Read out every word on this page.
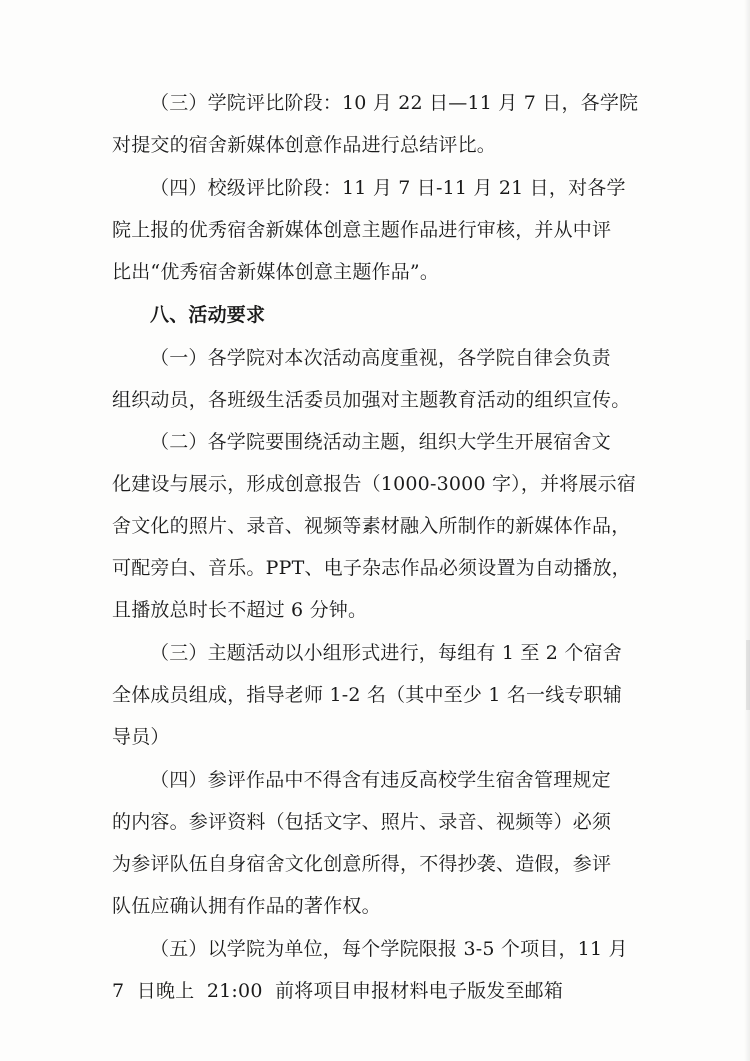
（三）学院评比阶段：10 月 22 日—11 月 7 日，各学院
对提交的宿舍新媒体创意作品进行总结评比。
（四）校级评比阶段：11 月 7 日-11 月 21 日，对各学
院上报的优秀宿舍新媒体创意主题作品进行审核，并从中评
比出“优秀宿舍新媒体创意主题作品”。
八、活动要求
（一）各学院对本次活动高度重视，各学院自律会负责
组织动员，各班级生活委员加强对主题教育活动的组织宣传。
（二）各学院要围绕活动主题，组织大学生开展宿舍文
化建设与展示，形成创意报告（1000-3000 字），并将展示宿
舍文化的照片、录音、视频等素材融入所制作的新媒体作品，
可配旁白、音乐。PPT、电子杂志作品必须设置为自动播放，
且播放总时长不超过 6 分钟。
（三）主题活动以小组形式进行，每组有 1 至 2 个宿舍
全体成员组成，指导老师 1-2 名（其中至少 1 名一线专职辅
导员）
（四）参评作品中不得含有违反高校学生宿舍管理规定
的内容。参评资料（包括文字、照片、录音、视频等）必须
为参评队伍自身宿舍文化创意所得，不得抄袭、造假，参评
队伍应确认拥有作品的著作权。
（五）以学院为单位，每个学院限报 3-5 个项目，11 月
7  日晚上  21:00  前将项目申报材料电子版发至邮箱
